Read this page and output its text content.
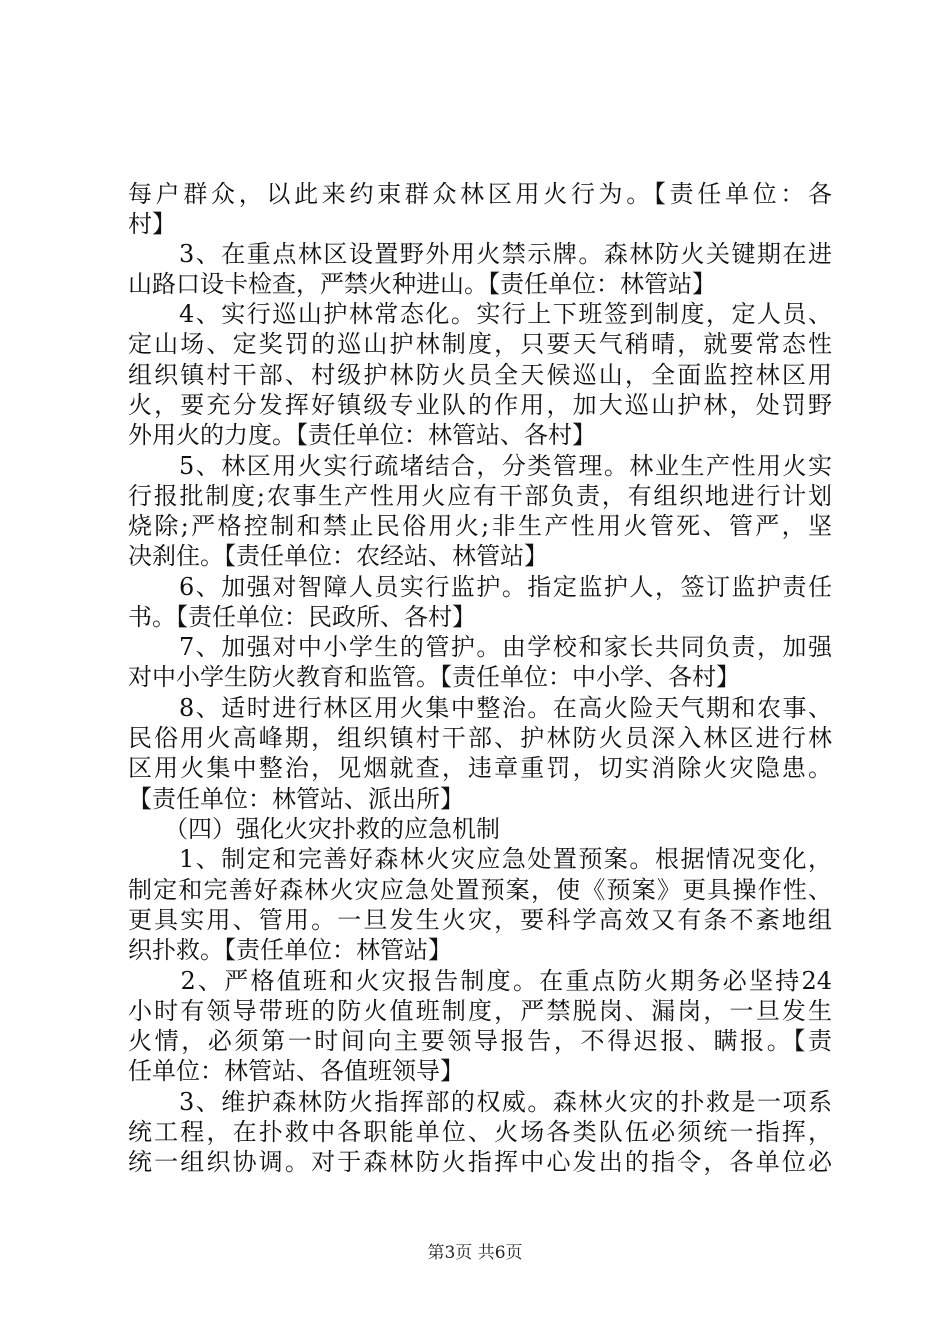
每户群众，以此来约束群众林区用火行为。【责任单位：各
村】
　　3、在重点林区设置野外用火禁示牌。森林防火关键期在进
山路口设卡检查，严禁火种进山。【责任单位：林管站】
　　4、实行巡山护林常态化。实行上下班签到制度，定人员、
定山场、定奖罚的巡山护林制度，只要天气稍晴，就要常态性
组织镇村干部、村级护林防火员全天候巡山，全面监控林区用
火，要充分发挥好镇级专业队的作用，加大巡山护林，处罚野
外用火的力度。【责任单位：林管站、各村】
　　5、林区用火实行疏堵结合，分类管理。林业生产性用火实
行报批制度;农事生产性用火应有干部负责，有组织地进行计划
烧除;严格控制和禁止民俗用火;非生产性用火管死、管严，坚
决刹住。【责任单位：农经站、林管站】
　　6、加强对智障人员实行监护。指定监护人，签订监护责任
书。【责任单位：民政所、各村】
　　7、加强对中小学生的管护。由学校和家长共同负责，加强
对中小学生防火教育和监管。【责任单位：中小学、各村】
　　8、适时进行林区用火集中整治。在高火险天气期和农事、
民俗用火高峰期，组织镇村干部、护林防火员深入林区进行林
区用火集中整治，见烟就查，违章重罚，切实消除火灾隐患。
【责任单位：林管站、派出所】
　　（四）强化火灾扑救的应急机制
　　1、制定和完善好森林火灾应急处置预案。根据情况变化，
制定和完善好森林火灾应急处置预案，使《预案》更具操作性、
更具实用、管用。一旦发生火灾，要科学高效又有条不紊地组
织扑救。【责任单位：林管站】
　　2、严格值班和火灾报告制度。在重点防火期务必坚持24
小时有领导带班的防火值班制度，严禁脱岗、漏岗，一旦发生
火情，必须第一时间向主要领导报告，不得迟报、瞒报。【责
任单位：林管站、各值班领导】
　　3、维护森林防火指挥部的权威。森林火灾的扑救是一项系
统工程，在扑救中各职能单位、火场各类队伍必须统一指挥，
统一组织协调。对于森林防火指挥中心发出的指令，各单位必
第3页 共6页
